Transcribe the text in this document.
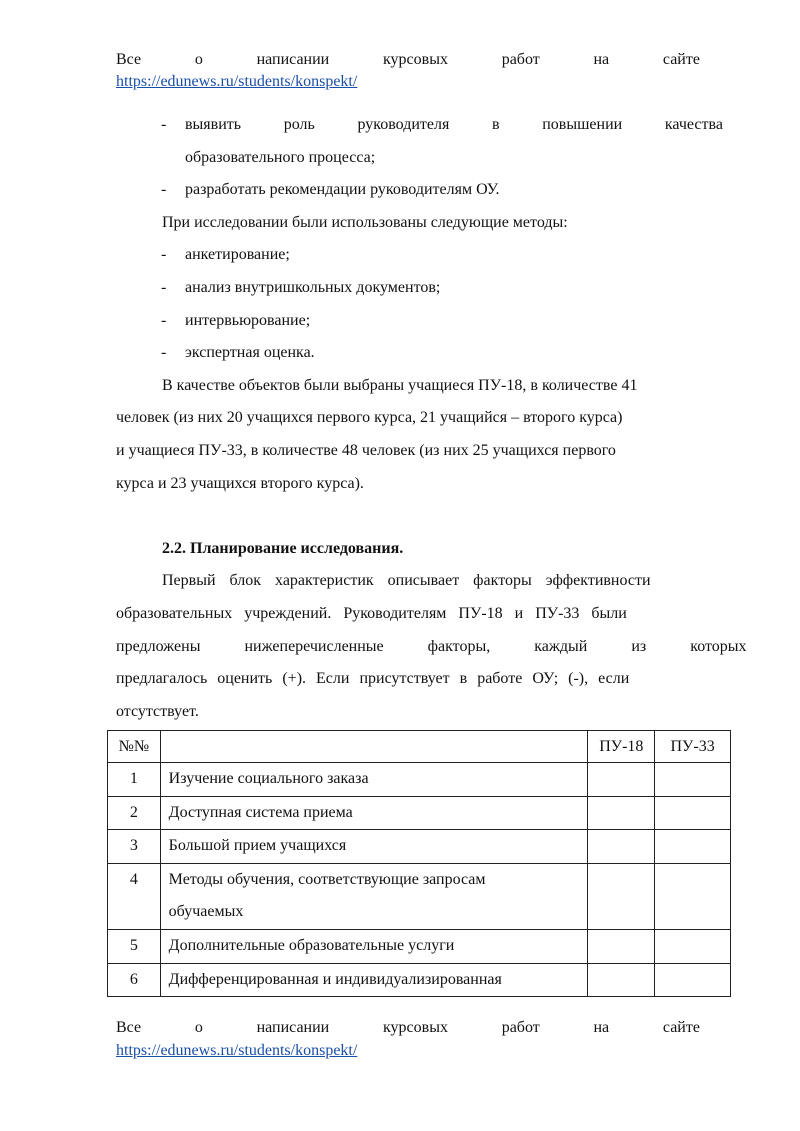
Все	о	написании	курсовых	работ	на	сайте
https://edunews.ru/students/konspekt/
-	выявить	роль	руководителя	в	повышении	качества
образовательного процесса;
-	разработать рекомендации руководителям ОУ.
При исследовании были использованы следующие методы:
-	анкетирование;
-	анализ внутришкольных документов;
-	интервьюрование;
-	экспертная оценка.
В качестве объектов были выбраны учащиеся ПУ-18, в количестве 41
человек (из них 20 учащихся первого курса, 21 учащийся – второго курса)
и учащиеся ПУ-33, в количестве 48 человек (из них 25 учащихся первого
курса и 23 учащихся второго курса).
2.2. Планирование исследования.
Первый блок характеристик описывает факторы эффективности
образовательных учреждений. Руководителям ПУ-18 и ПУ-33 были
предложены нижеперечисленные факторы, каждый из которых
предлагалось оценить (+). Если присутствует в работе ОУ; (-), если
отсутствует.
№№		ПУ-18	ПУ-33
1	Изучение социального заказа		
2	Доступная система приема		
3	Большой прием учащихся		
4	Методы обучения, соответствующие запросам
обучаемых		

5	Дополнительные образовательные услуги		
6	Дифференцированная и индивидуализированная		
Все	о	написании	курсовых	работ	на	сайте
https://edunews.ru/students/konspekt/
